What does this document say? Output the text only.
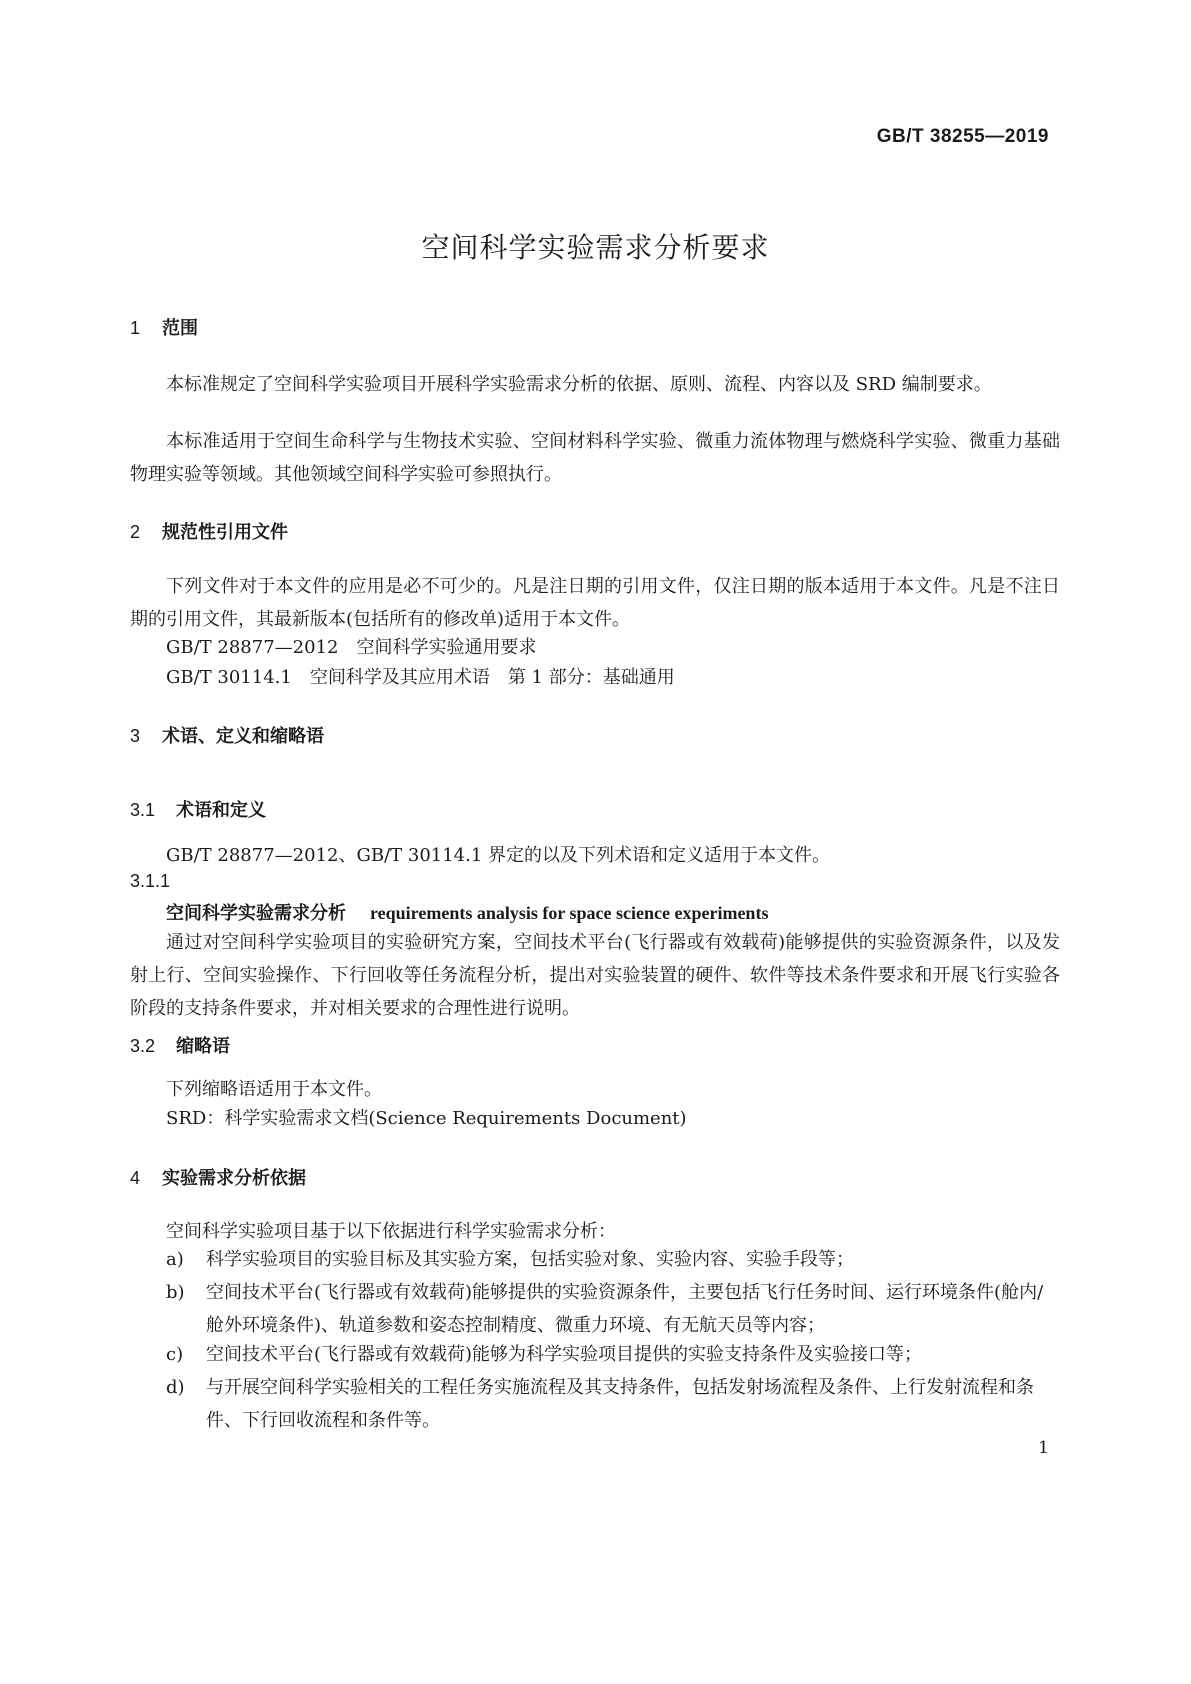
GB/T 38255—2019
空间科学实验需求分析要求
1 范围
本标准规定了空间科学实验项目开展科学实验需求分析的依据、原则、流程、内容以及 SRD 编制要求。
本标准适用于空间生命科学与生物技术实验、空间材料科学实验、微重力流体物理与燃烧科学实验、微重力基础物理实验等领域。其他领域空间科学实验可参照执行。
2 规范性引用文件
下列文件对于本文件的应用是必不可少的。凡是注日期的引用文件，仅注日期的版本适用于本文件。凡是不注日期的引用文件，其最新版本(包括所有的修改单)适用于本文件。
GB/T 28877—2012　空间科学实验通用要求
GB/T 30114.1　空间科学及其应用术语　第 1 部分：基础通用
3 术语、定义和缩略语
3.1 术语和定义
GB/T 28877—2012、GB/T 30114.1 界定的以及下列术语和定义适用于本文件。
3.1.1
空间科学实验需求分析 requirements analysis for space science experiments
通过对空间科学实验项目的实验研究方案，空间技术平台(飞行器或有效载荷)能够提供的实验资源条件，以及发射上行、空间实验操作、下行回收等任务流程分析，提出对实验装置的硬件、软件等技术条件要求和开展飞行实验各阶段的支持条件要求，并对相关要求的合理性进行说明。
3.2 缩略语
下列缩略语适用于本文件。
SRD：科学实验需求文档(Science Requirements Document)
4 实验需求分析依据
空间科学实验项目基于以下依据进行科学实验需求分析：
a) 科学实验项目的实验目标及其实验方案，包括实验对象、实验内容、实验手段等；
b) 空间技术平台(飞行器或有效载荷)能够提供的实验资源条件，主要包括飞行任务时间、运行环境条件(舱内/舱外环境条件)、轨道参数和姿态控制精度、微重力环境、有无航天员等内容；
c) 空间技术平台(飞行器或有效载荷)能够为科学实验项目提供的实验支持条件及实验接口等；
d) 与开展空间科学实验相关的工程任务实施流程及其支持条件，包括发射场流程及条件、上行发射流程和条件、下行回收流程和条件等。
1
